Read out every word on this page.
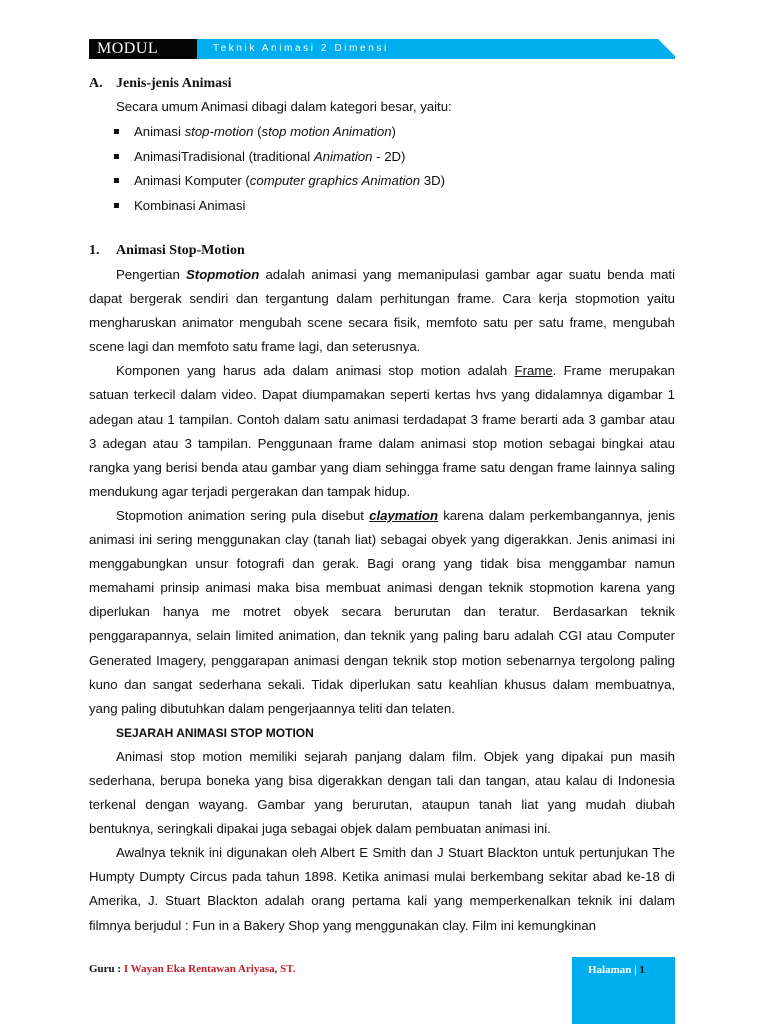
MODUL	Teknik Animasi 2 Dimensi
A. Jenis-jenis Animasi
Secara umum Animasi dibagi dalam kategori besar, yaitu:
Animasi stop-motion (stop motion Animation)
AnimasiTradisional (traditional Animation - 2D)
Animasi Komputer (computer graphics Animation 3D)
Kombinasi Animasi
1. Animasi Stop-Motion

Pengertian Stopmotion adalah animasi yang memanipulasi gambar agar suatu benda mati dapat bergerak sendiri dan tergantung dalam perhitungan frame. Cara kerja stopmotion yaitu mengharuskan animator mengubah scene secara fisik, memfoto satu per satu frame, mengubah scene lagi dan memfoto satu frame lagi, dan seterusnya.

Komponen yang harus ada dalam animasi stop motion adalah Frame. Frame merupakan satuan terkecil dalam video. Dapat diumpamakan seperti kertas hvs yang didalamnya digambar 1 adegan atau 1 tampilan. Contoh dalam satu animasi terdadapat 3 frame berarti ada 3 gambar atau 3 adegan atau 3 tampilan. Penggunaan frame dalam animasi stop motion sebagai bingkai atau rangka yang berisi benda atau gambar yang diam sehingga frame satu dengan frame lainnya saling mendukung agar terjadi pergerakan dan tampak hidup.

Stopmotion animation sering pula disebut claymation karena dalam perkembangannya, jenis animasi ini sering menggunakan clay (tanah liat) sebagai obyek yang digerakkan. Jenis animasi ini menggabungkan unsur fotografi dan gerak. Bagi orang yang tidak bisa menggambar namun memahami prinsip animasi maka bisa membuat animasi dengan teknik stopmotion karena yang diperlukan hanya me motret obyek secara berurutan dan teratur. Berdasarkan teknik penggarapannya, selain limited animation, dan teknik yang paling baru adalah CGI atau Computer Generated Imagery, penggarapan animasi dengan teknik stop motion sebenarnya tergolong paling kuno dan sangat sederhana sekali. Tidak diperlukan satu keahlian khusus dalam membuatnya, yang paling dibutuhkan dalam pengerjaannya teliti dan telaten.

SEJARAH ANIMASI STOP MOTION

Animasi stop motion memiliki sejarah panjang dalam film. Objek yang dipakai pun masih sederhana, berupa boneka yang bisa digerakkan dengan tali dan tangan, atau kalau di Indonesia terkenal dengan wayang. Gambar yang berurutan, ataupun tanah liat yang mudah diubah bentuknya, seringkali dipakai juga sebagai objek dalam pembuatan animasi ini.

Awalnya teknik ini digunakan oleh Albert E Smith dan J Stuart Blackton untuk pertunjukan The Humpty Dumpty Circus pada tahun 1898. Ketika animasi mulai berkembang sekitar abad ke-18 di Amerika, J. Stuart Blackton adalah orang pertama kali yang memperkenalkan teknik ini dalam filmnya berjudul : Fun in a Bakery Shop yang menggunakan clay. Film ini kemungkinan

Guru : I Wayan Eka Rentawan Ariyasa, ST.	Halaman | 1
